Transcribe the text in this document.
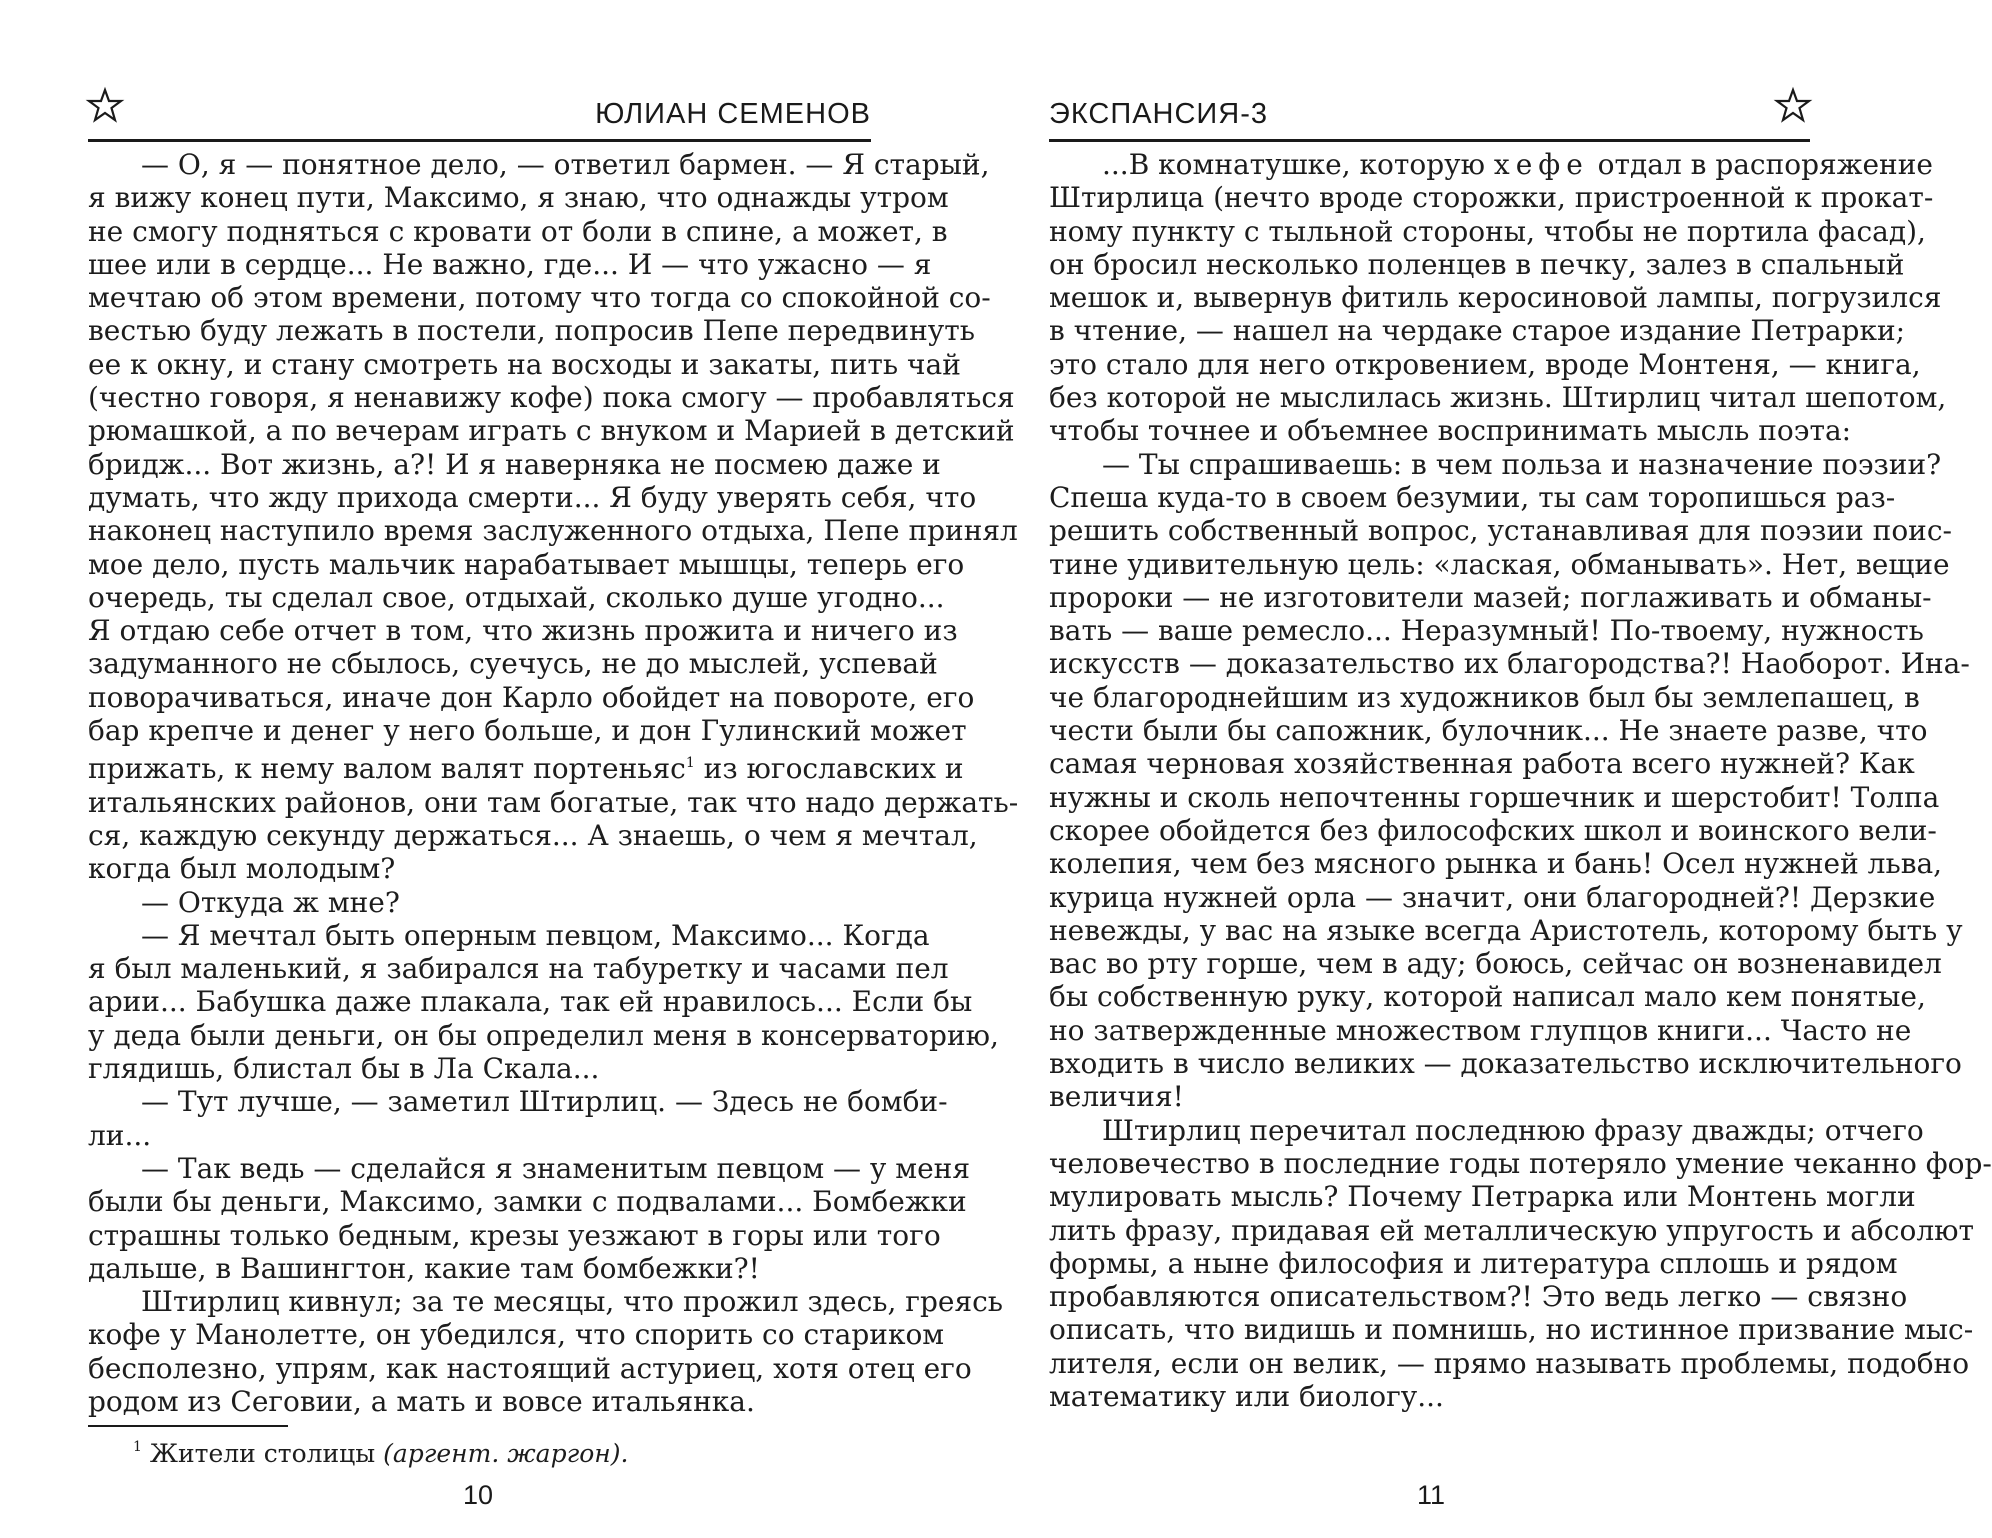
ЮЛИАН СЕМЕНОВ
— О, я — понятное дело, — ответил бармен. — Я старый,
я вижу конец пути, Максимо, я знаю, что однажды утром
не смогу подняться с кровати от боли в спине, а может, в
шее или в сердце... Не важно, где... И — что ужасно — я
мечтаю об этом времени, потому что тогда со спокойной со-
вестью буду лежать в постели, попросив Пепе передвинуть
ее к окну, и стану смотреть на восходы и закаты, пить чай
(честно говоря, я ненавижу кофе) пока смогу — пробавляться
рюмашкой, а по вечерам играть с внуком и Марией в детский
бридж... Вот жизнь, а?! И я наверняка не посмею даже и
думать, что жду прихода смерти... Я буду уверять себя, что
наконец наступило время заслуженного отдыха, Пепе принял
мое дело, пусть мальчик нарабатывает мышцы, теперь его
очередь, ты сделал свое, отдыхай, сколько душе угодно...
Я отдаю себе отчет в том, что жизнь прожита и ничего из
задуманного не сбылось, суечусь, не до мыслей, успевай
поворачиваться, иначе дон Карло обойдет на повороте, его
бар крепче и денег у него больше, и дон Гулинский может
прижать, к нему валом валят портеньяс$^1$ из югославских и
итальянских районов, они там богатые, так что надо держать-
ся, каждую секунду держаться... А знаешь, о чем я мечтал,
когда был молодым?
— Откуда ж мне?
— Я мечтал быть оперным певцом, Максимо... Когда
я был маленький, я забирался на табуретку и часами пел
арии... Бабушка даже плакала, так ей нравилось... Если бы
у деда были деньги, он бы определил меня в консерваторию,
глядишь, блистал бы в Ла Скала...
— Тут лучше, — заметил Штирлиц. — Здесь не бомби-
ли...
— Так ведь — сделайся я знаменитым певцом — у меня
были бы деньги, Максимо, замки с подвалами... Бомбежки
страшны только бедным, крезы уезжают в горы или того
дальше, в Вашингтон, какие там бомбежки?!
Штирлиц кивнул; за те месяцы, что прожил здесь, греясь
кофе у Манолетте, он убедился, что спорить со стариком
бесполезно, упрям, как настоящий астуриец, хотя отец его
родом из Сеговии, а мать и вовсе итальянка.
$^1$ Жители столицы (аргент. жаргон).
10
ЭКСПАНСИЯ-3
...В комнатушке, которую хефе отдал в распоряжение
Штирлица (нечто вроде сторожки, пристроенной к прокат-
ному пункту с тыльной стороны, чтобы не портила фасад),
он бросил несколько поленцев в печку, залез в спальный
мешок и, вывернув фитиль керосиновой лампы, погрузился
в чтение, — нашел на чердаке старое издание Петрарки;
это стало для него откровением, вроде Монтеня, — книга,
без которой не мыслилась жизнь. Штирлиц читал шепотом,
чтобы точнее и объемнее воспринимать мысль поэта:
— Ты спрашиваешь: в чем польза и назначение поэзии?
Спеша куда-то в своем безумии, ты сам торопишься раз-
решить собственный вопрос, устанавливая для поэзии поис-
тине удивительную цель: «лаская, обманывать». Нет, вещие
пророки — не изготовители мазей; поглаживать и обманы-
вать — ваше ремесло... Неразумный! По-твоему, нужность
искусств — доказательство их благородства?! Наоборот. Ина-
че благороднейшим из художников был бы землепашец, в
чести были бы сапожник, булочник... Не знаете разве, что
самая черновая хозяйственная работа всего нужней? Как
нужны и сколь непочтенны горшечник и шерстобит! Толпа
скорее обойдется без философских школ и воинского вели-
колепия, чем без мясного рынка и бань! Осел нужней льва,
курица нужней орла — значит, они благородней?! Дерзкие
невежды, у вас на языке всегда Аристотель, которому быть у
вас во рту горше, чем в аду; боюсь, сейчас он возненавидел
бы собственную руку, которой написал мало кем понятые,
но затвержденные множеством глупцов книги... Часто не
входить в число великих — доказательство исключительного
величия!
Штирлиц перечитал последнюю фразу дважды; отчего
человечество в последние годы потеряло умение чеканно фор-
мулировать мысль? Почему Петрарка или Монтень могли
лить фразу, придавая ей металлическую упругость и абсолют
формы, а ныне философия и литература сплошь и рядом
пробавляются описательством?! Это ведь легко — связно
описать, что видишь и помнишь, но истинное призвание мыс-
лителя, если он велик, — прямо называть проблемы, подобно
математику или биологу...
11
